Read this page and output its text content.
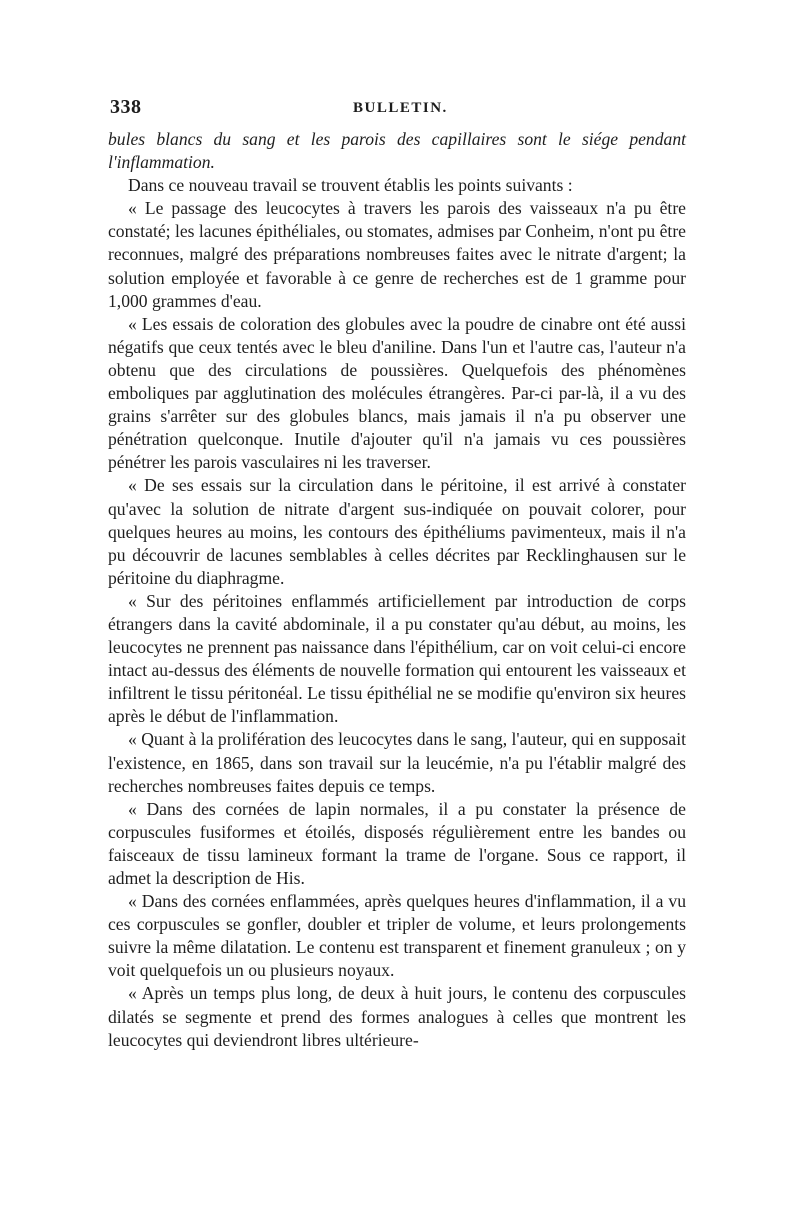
338	BULLETIN.

bules blancs du sang et les parois des capillaires sont le siége pendant l'inflammation.

Dans ce nouveau travail se trouvent établis les points suivants :

« Le passage des leucocytes à travers les parois des vaisseaux n'a pu être constaté; les lacunes épithéliales, ou stomates, admises par Conheim, n'ont pu être reconnues, malgré des préparations nombreuses faites avec le nitrate d'argent; la solution employée et favorable à ce genre de recherches est de 1 gramme pour 1,000 grammes d'eau.

« Les essais de coloration des globules avec la poudre de cinabre ont été aussi négatifs que ceux tentés avec le bleu d'aniline. Dans l'un et l'autre cas, l'auteur n'a obtenu que des circulations de poussières. Quelquefois des phénomènes emboliques par agglutination des molécules étrangères. Par-ci par-là, il a vu des grains s'arrêter sur des globules blancs, mais jamais il n'a pu observer une pénétration quelconque. Inutile d'ajouter qu'il n'a jamais vu ces poussières pénétrer les parois vasculaires ni les traverser.

« De ses essais sur la circulation dans le péritoine, il est arrivé à constater qu'avec la solution de nitrate d'argent sus-indiquée on pouvait colorer, pour quelques heures au moins, les contours des épithéliums pavimenteux, mais il n'a pu découvrir de lacunes semblables à celles décrites par Recklinghausen sur le péritoine du diaphragme.

« Sur des péritoines enflammés artificiellement par introduction de corps étrangers dans la cavité abdominale, il a pu constater qu'au début, au moins, les leucocytes ne prennent pas naissance dans l'épithélium, car on voit celui-ci encore intact au-dessus des éléments de nouvelle formation qui entourent les vaisseaux et infiltrent le tissu péritonéal. Le tissu épithélial ne se modifie qu'environ six heures après le début de l'inflammation.

« Quant à la prolifération des leucocytes dans le sang, l'auteur, qui en supposait l'existence, en 1865, dans son travail sur la leucémie, n'a pu l'établir malgré des recherches nombreuses faites depuis ce temps.

« Dans des cornées de lapin normales, il a pu constater la présence de corpuscules fusiformes et étoilés, disposés régulièrement entre les bandes ou faisceaux de tissu lamineux formant la trame de l'organe. Sous ce rapport, il admet la description de His.

« Dans des cornées enflammées, après quelques heures d'inflammation, il a vu ces corpuscules se gonfler, doubler et tripler de volume, et leurs prolongements suivre la même dilatation. Le contenu est transparent et finement granuleux ; on y voit quelquefois un ou plusieurs noyaux.

« Après un temps plus long, de deux à huit jours, le contenu des corpuscules dilatés se segmente et prend des formes analogues à celles que montrent les leucocytes qui deviendront libres ultérieure-
